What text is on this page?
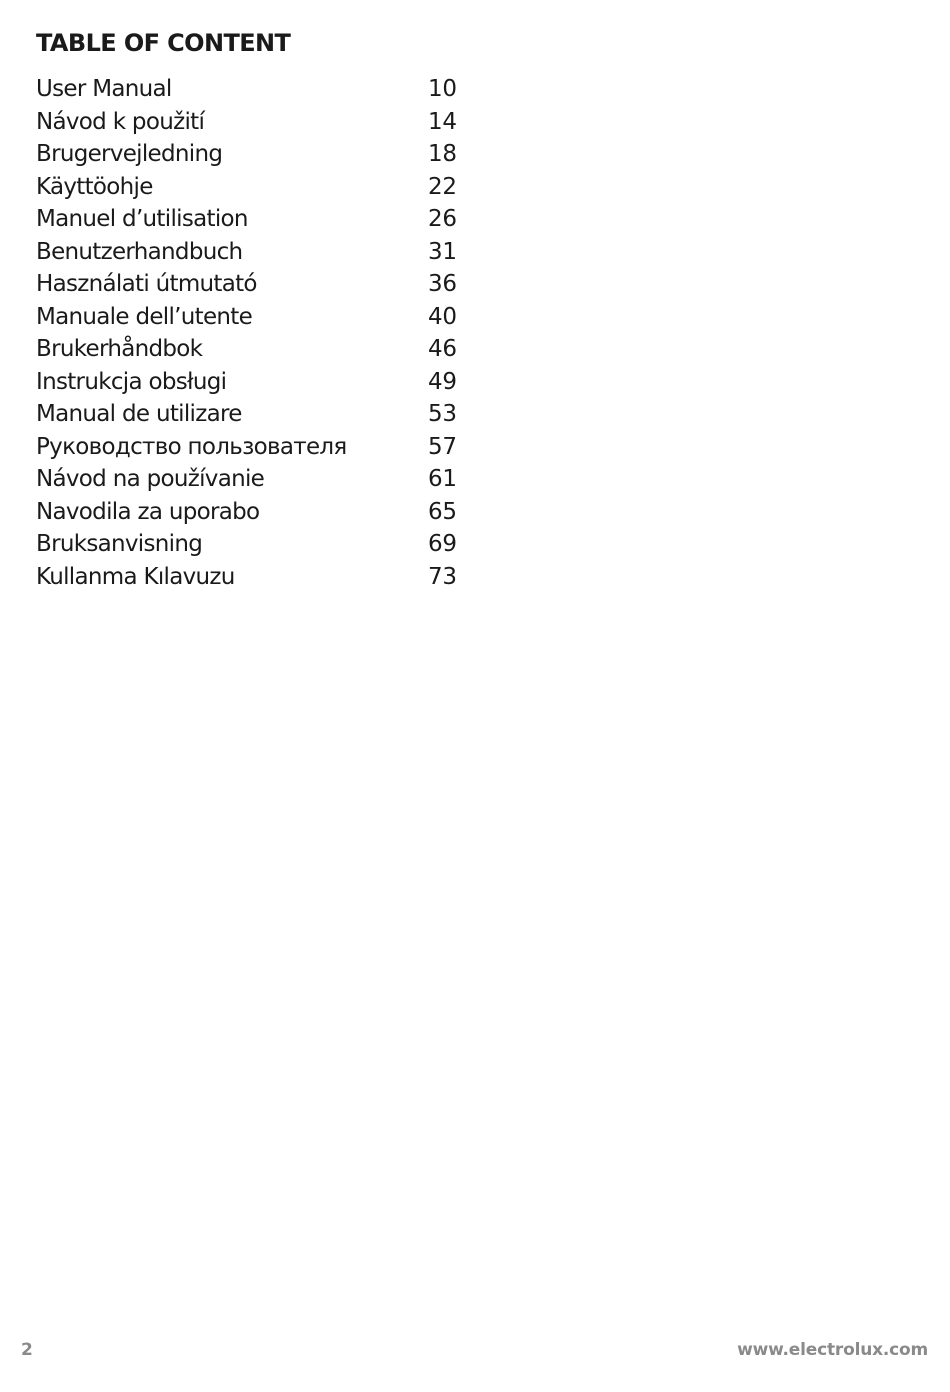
TABLE OF CONTENT
User Manual	10
Návod k použití	14
Brugervejledning	18
Käyttöohje	22
Manuel d’utilisation	26
Benutzerhandbuch	31
Használati útmutató	36
Manuale dell’utente	40
Brukerhåndbok	46
Instrukcja obsługi	49
Manual de utilizare	53
Руководство пользователя	57
Návod na používanie	61
Navodila za uporabo	65
Bruksanvisning	69
Kullanma Kılavuzu	73
2	www.electrolux.com
